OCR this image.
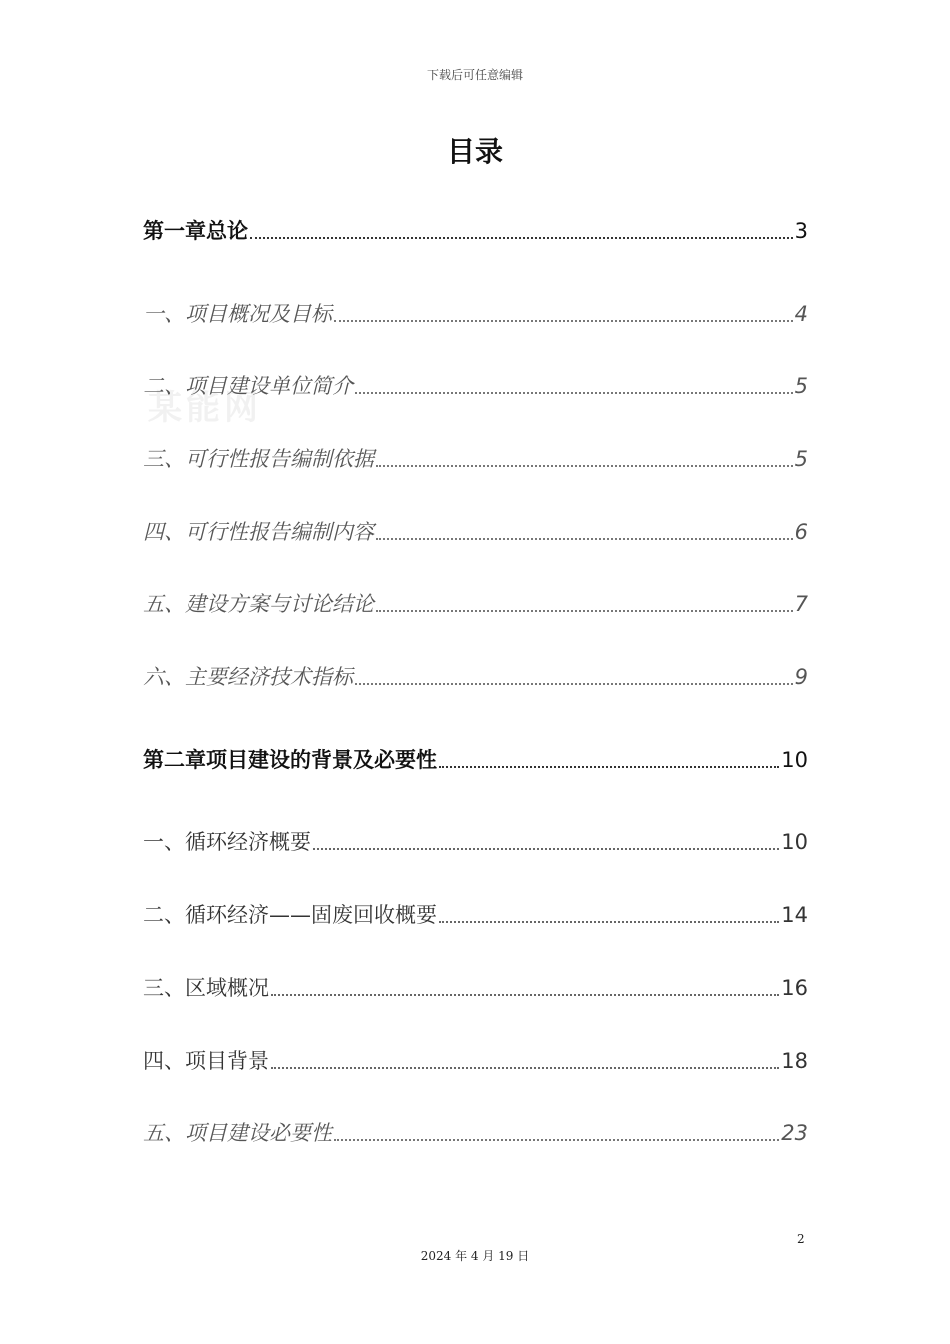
下载后可任意编辑
某能网
目录
第一章总论	3
一、项目概况及目标	4
二、项目建设单位简介	5
三、可行性报告编制依据	5
四、可行性报告编制内容	6
五、建设方案与讨论结论	7
六、主要经济技术指标	9
第二章项目建设的背景及必要性	10
一、循环经济概要	10
二、循环经济——固废回收概要	14
三、区域概况	16
四、项目背景	18
五、项目建设必要性	23
2
2024 年 4 月 19 日
